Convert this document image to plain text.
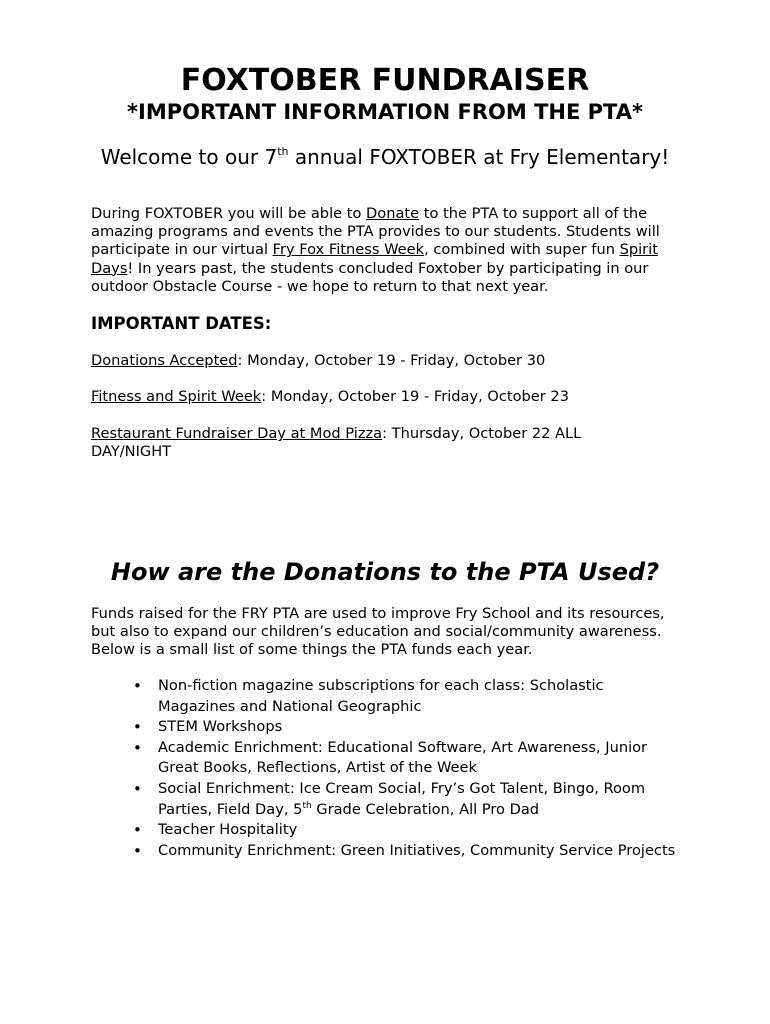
FOXTOBER FUNDRAISER
*IMPORTANT INFORMATION FROM THE PTA*

Welcome to our 7th annual FOXTOBER at Fry Elementary!

During FOXTOBER you will be able to Donate to the PTA to support all of the amazing programs and events the PTA provides to our students. Students will participate in our virtual Fry Fox Fitness Week, combined with super fun Spirit Days! In years past, the students concluded Foxtober by participating in our outdoor Obstacle Course - we hope to return to that next year.

IMPORTANT DATES:

Donations Accepted: Monday, October 19 - Friday, October 30

Fitness and Spirit Week: Monday, October 19 - Friday, October 23

Restaurant Fundraiser Day at Mod Pizza: Thursday, October 22 ALL DAY/NIGHT

How are the Donations to the PTA Used?

Funds raised for the FRY PTA are used to improve Fry School and its resources, but also to expand our children’s education and social/community awareness. Below is a small list of some things the PTA funds each year.

• Non-fiction magazine subscriptions for each class: Scholastic Magazines and National Geographic
• STEM Workshops
• Academic Enrichment: Educational Software, Art Awareness, Junior Great Books, Reflections, Artist of the Week
• Social Enrichment: Ice Cream Social, Fry’s Got Talent, Bingo, Room Parties, Field Day, 5th Grade Celebration, All Pro Dad
• Teacher Hospitality
• Community Enrichment: Green Initiatives, Community Service Projects
